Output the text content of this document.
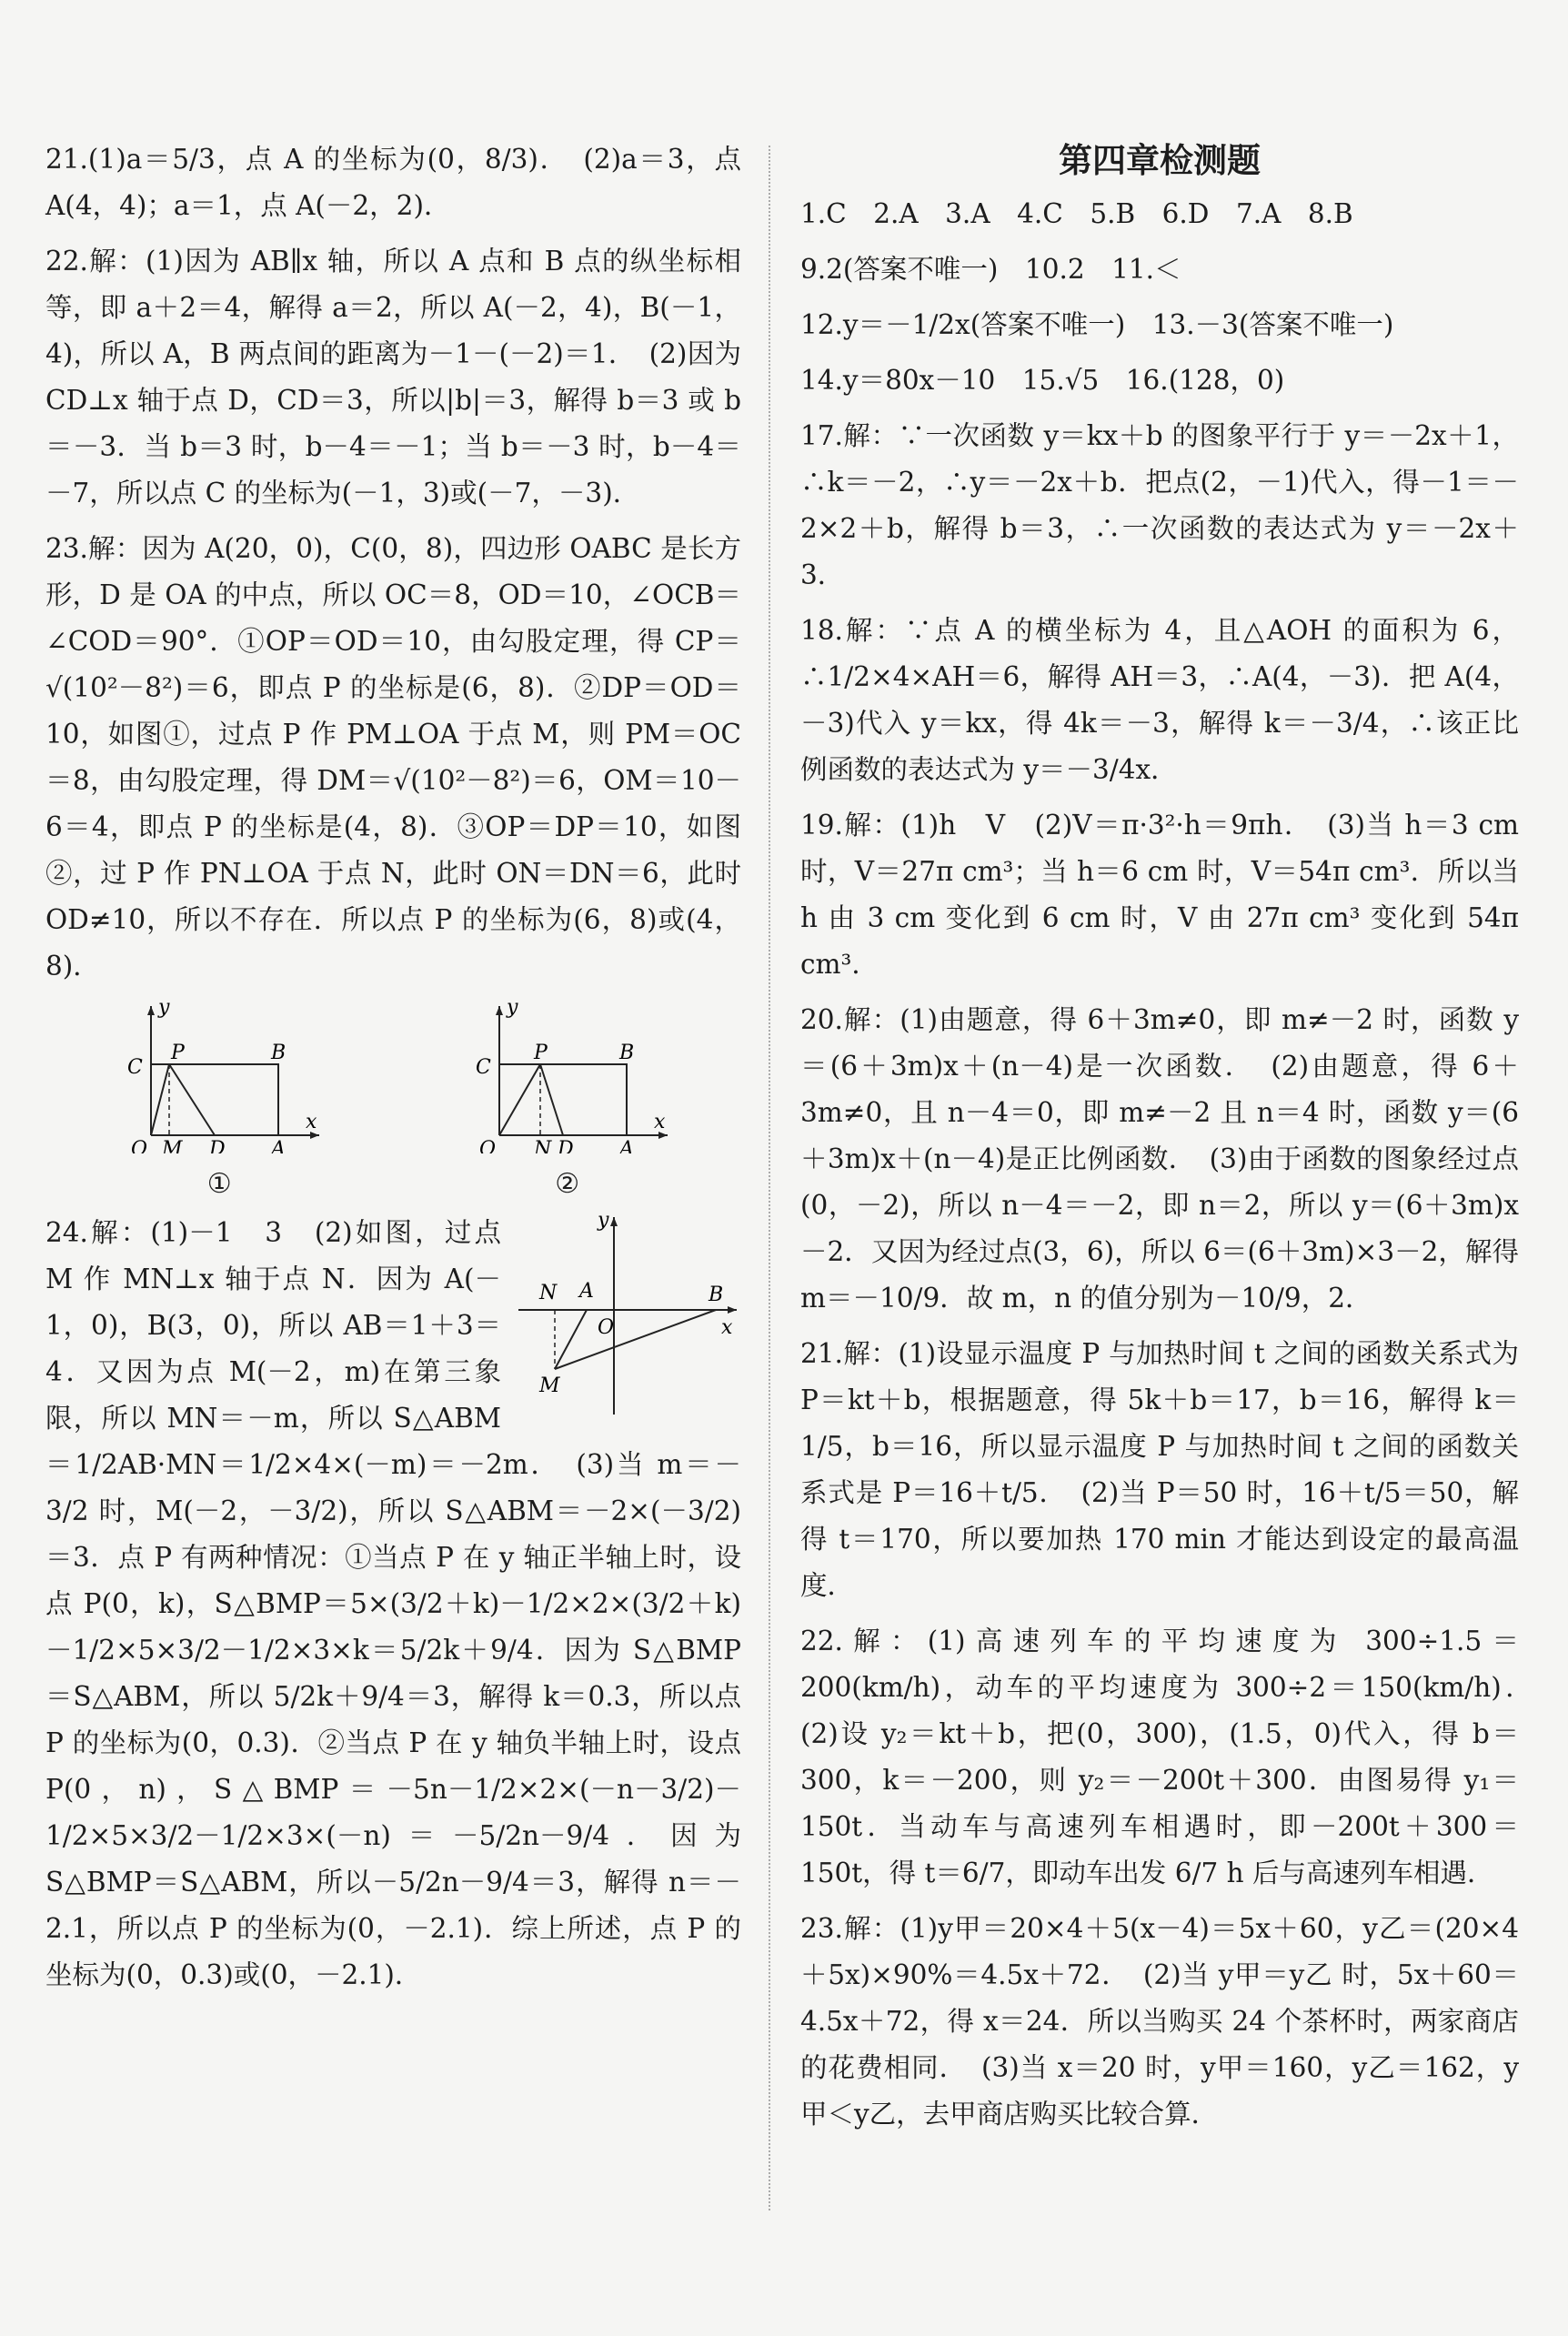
21.(1)a＝5/3，点 A 的坐标为(0，8/3)．　(2)a＝3，点 A(4，4)；a＝1，点 A(－2，2)．

22.解：(1)因为 AB∥x 轴，所以 A 点和 B 点的纵坐标相等，即 a＋2＝4，解得 a＝2，所以 A(－2，4)，B(－1，4)，所以 A，B 两点间的距离为－1－(－2)＝1．　(2)因为 CD⊥x 轴于点 D，CD＝3，所以|b|＝3，解得 b＝3 或 b＝－3．当 b＝3 时，b－4＝－1；当 b＝－3 时，b－4＝－7，所以点 C 的坐标为(－1，3)或(－7，－3)．

23.解：因为 A(20，0)，C(0，8)，四边形 OABC 是长方形，D 是 OA 的中点，所以 OC＝8，OD＝10，∠OCB＝∠COD＝90°．①OP＝OD＝10，由勾股定理，得 CP＝√(10²－8²)＝6，即点 P 的坐标是(6，8)．②DP＝OD＝10，如图①，过点 P 作 PM⊥OA 于点 M，则 PM＝OC＝8，由勾股定理，得 DM＝√(10²－8²)＝6，OM＝10－6＝4，即点 P 的坐标是(4，8)．③OP＝DP＝10，如图②，过 P 作 PN⊥OA 于点 N，此时 ON＝DN＝6，此时 OD≠10，所以不存在．所以点 P 的坐标为(6，8)或(4，8)．

y
C
P	B
O M D A
x
①
y
C
P	B
O N D A
x
②
y
N A	B
O	x
M
24.解：(1)－1　3　(2)如图，过点 M 作 MN⊥x 轴于点 N．因为 A(－1，0)，B(3，0)，所以 AB＝1＋3＝4．又因为点 M(－2，m)在第三象限，所以 MN＝－m，所以 S△ABM＝1/2AB·MN＝1/2×4×(－m)＝－2m．　(3)当 m＝－3/2 时，M(－2，－3/2)，所以 S△ABM＝－2×(－3/2)＝3．点 P 有两种情况：①当点 P 在 y 轴正半轴上时，设点 P(0，k)，S△BMP＝5×(3/2＋k)－1/2×2×(3/2＋k)－1/2×5×3/2－1/2×3×k＝5/2k＋9/4．因为 S△BMP＝S△ABM，所以 5/2k＋9/4＝3，解得 k＝0.3，所以点 P 的坐标为(0，0.3)．②当点 P 在 y 轴负半轴上时，设点 P(0，n)，S△BMP＝－5n－1/2×2×(－n－3/2)－1/2×5×3/2－1/2×3×(－n)＝－5/2n－9/4．因为 S△BMP＝S△ABM，所以－5/2n－9/4＝3，解得 n＝－2.1，所以点 P 的坐标为(0，－2.1)．综上所述，点 P 的坐标为(0，0.3)或(0，－2.1)．
第四章检测题

1.C　2.A　3.A　4.C　5.B　6.D　7.A　8.B

9.2(答案不唯一)　10.2　11.＜

12.y＝－1/2x(答案不唯一)　13.－3(答案不唯一)

14.y＝80x－10　15.√5　16.(128，0)

17.解：∵一次函数 y＝kx＋b 的图象平行于 y＝－2x＋1，∴k＝－2，∴y＝－2x＋b．把点(2，－1)代入，得－1＝－2×2＋b，解得 b＝3，∴一次函数的表达式为 y＝－2x＋3．

18.解：∵点 A 的横坐标为 4，且△AOH 的面积为 6，∴1/2×4×AH＝6，解得 AH＝3，∴A(4，－3)．把 A(4，－3)代入 y＝kx，得 4k＝－3，解得 k＝－3/4，∴该正比例函数的表达式为 y＝－3/4x．

19.解：(1)h　V　(2)V＝π·3²·h＝9πh．　(3)当 h＝3 cm 时，V＝27π cm³；当 h＝6 cm 时，V＝54π cm³．所以当 h 由 3 cm 变化到 6 cm 时，V 由 27π cm³ 变化到 54π cm³．

20.解：(1)由题意，得 6＋3m≠0，即 m≠－2 时，函数 y＝(6＋3m)x＋(n－4)是一次函数．　(2)由题意，得 6＋3m≠0，且 n－4＝0，即 m≠－2 且 n＝4 时，函数 y＝(6＋3m)x＋(n－4)是正比例函数．　(3)由于函数的图象经过点(0，－2)，所以 n－4＝－2，即 n＝2，所以 y＝(6＋3m)x－2．又因为经过点(3，6)，所以 6＝(6＋3m)×3－2，解得 m＝－10/9．故 m，n 的值分别为－10/9，2．

21.解：(1)设显示温度 P 与加热时间 t 之间的函数关系式为 P＝kt＋b，根据题意，得 5k＋b＝17，b＝16，解得 k＝1/5，b＝16，所以显示温度 P 与加热时间 t 之间的函数关系式是 P＝16＋t/5．　(2)当 P＝50 时，16＋t/5＝50，解得 t＝170，所以要加热 170 min 才能达到设定的最高温度．

22.解：(1)高速列车的平均速度为 300÷1.5＝200(km/h)，动车的平均速度为 300÷2＝150(km/h)．　(2)设 y₂＝kt＋b，把(0，300)，(1.5，0)代入，得 b＝300，k＝－200，则 y₂＝－200t＋300．由图易得 y₁＝150t．当动车与高速列车相遇时，即－200t＋300＝150t，得 t＝6/7，即动车出发 6/7 h 后与高速列车相遇．

23.解：(1)y甲＝20×4＋5(x－4)＝5x＋60，y乙＝(20×4＋5x)×90%＝4.5x＋72．　(2)当 y甲＝y乙 时，5x＋60＝4.5x＋72，得 x＝24．所以当购买 24 个茶杯时，两家商店的花费相同．　(3)当 x＝20 时，y甲＝160，y乙＝162，y甲＜y乙，去甲商店购买比较合算．
